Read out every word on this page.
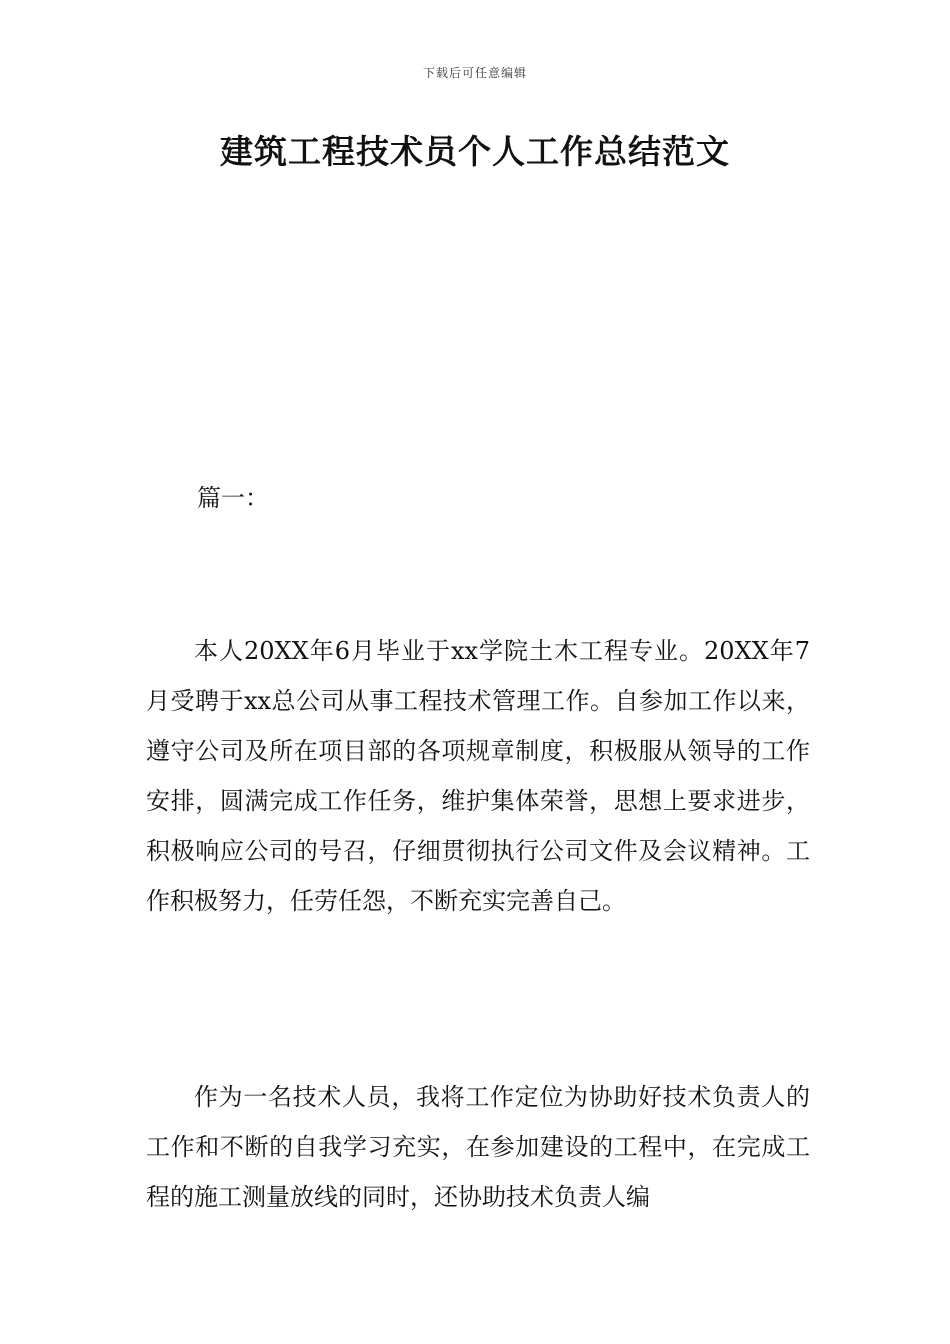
下载后可任意编辑
建筑工程技术员个人工作总结范文
篇一：

本人20XX年6月毕业于xx学院土木工程专业。20XX年7月受聘于xx总公司从事工程技术管理工作。自参加工作以来，遵守公司及所在项目部的各项规章制度，积极服从领导的工作安排，圆满完成工作任务，维护集体荣誉，思想上要求进步，积极响应公司的号召，仔细贯彻执行公司文件及会议精神。工作积极努力，任劳任怨，不断充实完善自己。

作为一名技术人员，我将工作定位为协助好技术负责人的工作和不断的自我学习充实，在参加建设的工程中，在完成工程的施工测量放线的同时，还协助技术负责人编
